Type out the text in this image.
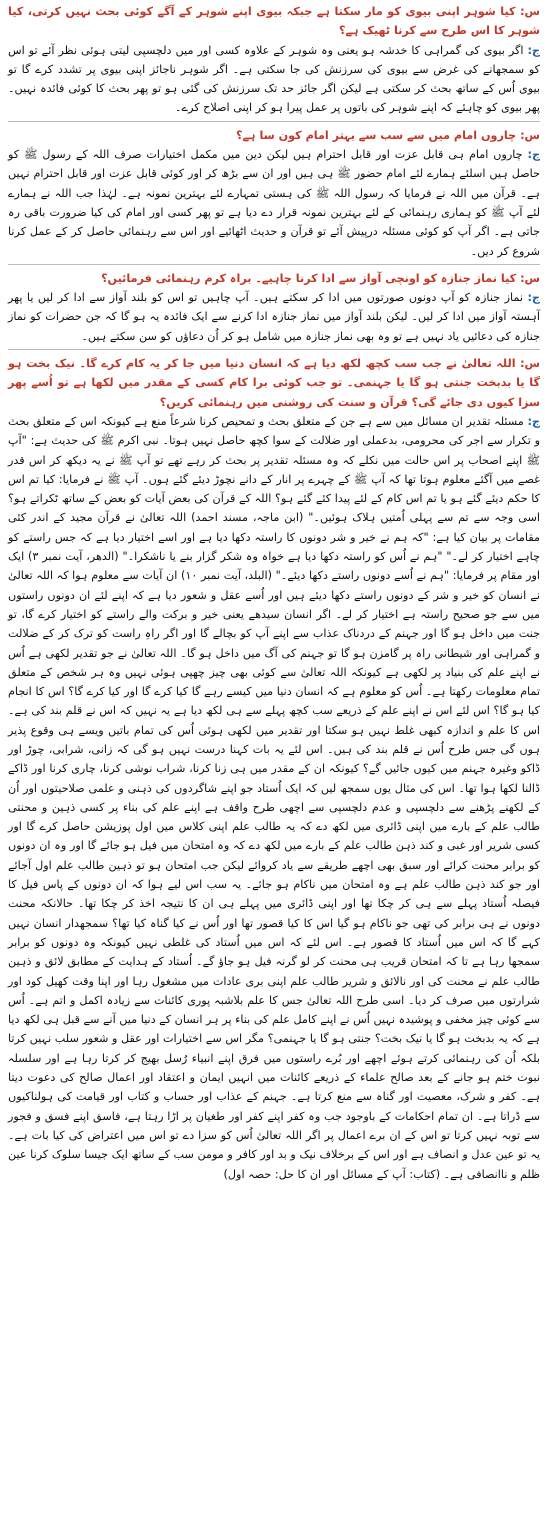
س: کیا شوہر اپنی بیوی کو مار سکتا ہے جبکہ بیوی اپنے شوہر کے آگے کوئی بحث نہیں کرتی، کیا شوہر کا اس طرح سے کرنا ٹھیک ہے؟

ج: اگر بیوی کی گمراہی کا خدشہ ہو یعنی وہ شوہر کے علاوہ کسی اور میں دلچسپی لیتی ہوئی نظر آئے تو اس کو سمجھانے کی غرض سے بیوی کی سرزنش کی جا سکتی ہے۔ اگر شوہر ناجائز اپنی بیوی پر تشدد کرے گا تو بیوی اُس کے ساتھ بحث کر سکتی ہے لیکن اگر جائز حد تک سرزنش کی گئی ہو تو پھر بحث کا کوئی فائدہ نہیں۔ پھر بیوی کو چاہئے کہ اپنے شوہر کی باتوں پر عمل پیرا ہو کر اپنی اصلاح کرے۔

س: چاروں امام میں سے سب سے بہتر امام کون سا ہے؟

ج: چاروں امام ہی قابل عزت اور قابل احترام ہیں لیکن دین میں مکمل اختیارات صرف اللہ کے رسول ﷺ کو حاصل ہیں اسلئے ہمارے لئے امام حضور ﷺ ہی ہیں اور ان سے بڑھ کر اور کوئی قابل عزت اور قابل احترام نہیں ہے۔ قرآن میں اللہ نے فرمایا کہ رسول اللہ ﷺ کی ہستی تمہارے لئے بہترین نمونہ ہے۔ لہٰذا جب اللہ نے ہمارے لئے آپ ﷺ کو ہماری رہنمائی کے لئے بہترین نمونہ قرار دے دیا ہے تو پھر کسی اور امام کی کیا ضرورت باقی رہ جاتی ہے۔ اگر آپ کو کوئی مسئلہ درپیش آئے تو قرآن و حدیث اٹھائیے اور اس سے رہنمائی حاصل کر کے عمل کرنا شروع کر دیں۔

س: کیا نماز جنازہ کو اونچی آواز سے ادا کرنا چاہیے۔ براہ کرم رہنمائی فرمائیں؟

ج: نماز جنازہ کو آپ دونوں صورتوں میں ادا کر سکتے ہیں۔ آپ چاہیں تو اس کو بلند آواز سے ادا کر لیں یا پھر آہستہ آواز میں ادا کر لیں۔ لیکن بلند آواز میں نماز جنازہ ادا کرنے سے ایک فائدہ یہ ہو گا کہ جن حضرات کو نماز جنازہ کی دعائیں یاد نہیں ہے تو وہ بھی نماز جنازہ میں شامل ہو کر اُن دعاؤں کو سن سکتے ہیں۔

س: اللہ تعالیٰ نے جب سب کچھ لکھ دیا ہے کہ انسان دنیا میں جا کر یہ کام کرے گا۔ نیک بخت ہو گا یا بدبخت جنتی ہو گا یا جہنمی۔ تو جب کوئی برا کام کسی کے مقدر میں لکھا ہے تو اُسے پھر سزا کیوں دی جائے گی؟ قرآن و سنت کی روشنی میں رہنمائی کریں؟

ج: مسئلہ تقدیر ان مسائل میں سے ہے جن کے متعلق بحث و تمحیص کرنا شرعاً منع ہے کیونکہ اس کے متعلق بحث و تکرار سے اجر کی محرومی، بدعملی اور ضلالت کے سوا کچھ حاصل نہیں ہوتا۔ نبی اکرم ﷺ کی حدیث ہے: "آپ ﷺ اپنے اصحاب پر اس حالت میں نکلے کہ وہ مسئلہ تقدیر پر بحث کر رہے تھے تو آپ ﷺ نے یہ دیکھ کر اس قدر غصے میں آگئے معلوم ہوتا تھا کہ آپ ﷺ کے چہرے پر انار کے دانے نچوڑ دیئے گئے ہوں۔ آپ ﷺ نے فرمایا: کیا تم اس کا حکم دیئے گئے ہو یا تم اس کام کے لئے پیدا کئے گئے ہو؟ اللہ کے قرآن کی بعض آیات کو بعض کے ساتھ ٹکراتے ہو؟ اسی وجہ سے تم سے پہلی اُمتیں ہلاک ہوئیں۔" (ابن ماجہ، مسند احمد) اللہ تعالیٰ نے قرآن مجید کے اندر کئی مقامات پر بیان کیا ہے: "کہ ہم نے خیر و شر دونوں کا راستہ دکھا دیا ہے اور اسے اختیار دیا ہے کہ جس راستے کو چاہے اختیار کر لے۔" "ہم نے اُس کو راستہ دکھا دیا ہے خواہ وہ شکر گزار بنے یا ناشکرا۔" (الدھر، آیت نمبر ۳) ایک اور مقام پر فرمایا: "ہم نے اُسے دونوں راستے دکھا دیئے۔" (البلد، آیت نمبر ۱۰) ان آیات سے معلوم ہوا کہ اللہ تعالیٰ نے انسان کو خیر و شر کے دونوں راستے دکھا دیئے ہیں اور اُسے عقل و شعور دیا ہے کہ اپنے لئے ان دونوں راستوں میں سے جو صحیح راستہ ہے اختیار کر لے۔ اگر انسان سیدھے یعنی خیر و برکت والے راستے کو اختیار کرے گا، تو جنت میں داخل ہو گا اور جہنم کے دردناک عذاب سے اپنے آپ کو بچالے گا اور اگر راہِ راست کو ترک کر کے ضلالت و گمراہی اور شیطانی راہ پر گامزن ہو گا تو جہنم کی آگ میں داخل ہو گا۔ اللہ تعالیٰ نے جو تقدیر لکھی ہے اُس نے اپنے علم کی بنیاد پر لکھی ہے کیونکہ اللہ تعالیٰ سے کوئی بھی چیز چھپی ہوئی نہیں وہ ہر شخص کے متعلق تمام معلومات رکھتا ہے۔ اُس کو معلوم ہے کہ انسان دنیا میں کیسے رہے گا کیا کرے گا اور کیا کرے گا؟ اس کا انجام کیا ہو گا؟ اس لئے اس نے اپنے علم کے ذریعے سب کچھ پہلے سے ہی لکھ دیا ہے یہ نہیں کہ اس نے قلم بند کی ہے۔ اس کا علم و اندازہ کبھی غلط نہیں ہو سکتا اور تقدیر میں لکھی ہوئی اُس کی تمام باتیں ویسے ہی وقوع پذیر ہوں گی جس طرح اُس نے قلم بند کی ہیں۔ اس لئے یہ بات کہنا درست نہیں ہو گی کہ زانی، شرابی، چوڑ اور ڈاکو وغیرہ جہنم میں کیوں جائیں گے؟ کیونکہ ان کے مقدر میں ہی زنا کرنا، شراب نوشی کرنا، چاری کرنا اور ڈاکے ڈالنا لکھا ہوا تھا۔ اس کی مثال یوں سمجھ لیں کہ ایک اُستاد جو اپنے شاگردوں کی ذہنی و علمی صلاحیتوں اور اُن کے لکھنے پڑھنے سے دلچسپی و عدم دلچسپی سے اچھی طرح واقف ہے اپنے علم کی بناء پر کسی ذہین و محنتی طالب علم کے بارے میں اپنی ڈائری میں لکھ دے کہ یہ طالب علم اپنی کلاس میں اول پوزیشن حاصل کرے گا اور کسی شریر اور غبی و کند ذہن طالب علم کے بارے میں لکھ دے کہ وہ امتحان میں فیل ہو جائے گا اور وہ ان دونوں کو برابر محنت کرائے اور سبق بھی اچھے طریقے سے یاد کروائے لیکن جب امتحان ہو تو ذہین طالب علم اول آجائے اور جو کند ذہن طالب علم ہے وہ امتحان میں ناکام ہو جائے۔ یہ سب اس لیے ہوا کہ ان دونوں کے پاس فیل کا فیصلہ اُستاد پہلے سے ہی کر چکا تھا اور اپنی ڈائری میں پہلے ہی ان کا نتیجہ اخذ کر چکا تھا۔ حالانکہ محنت دونوں نے ہی برابر کی تھی جو ناکام ہو گیا اس کا کیا قصور تھا اور اُس نے کیا گناہ کیا تھا؟ سمجھدار انسان نہیں کہے گا کہ اس میں اُستاد کا قصور ہے۔ اس لئے کہ اس میں اُستاد کی غلطی نہیں کیونکہ وہ دونوں کو برابر سمجھا رہا ہے تا کہ امتحان قریب ہی محنت کر لو گرنہ فیل ہو جاؤ گے۔ اُستاد کے ہدایت کے مطابق لائق و ذہین طالب علم نے محنت کی اور نالائق و شریر طالب علم اپنی بری عادات میں مشغول رہا اور اپنا وقت کھیل کود اور شرارتوں میں صرف کر دیا۔ اسی طرح اللہ تعالیٰ جس کا علم بلاشبہ پوری کائنات سے زیادہ اکمل و اتم ہے۔ اُس سے کوئی چیز مخفی و پوشیدہ نہیں اُس نے اپنے کامل علم کی بناء پر ہر انسان کے دنیا میں آنے سے قبل ہی لکھ دیا ہے کہ یہ بدبخت ہو گا یا نیک بخت؟ جنتی ہو گا یا جہنمی؟ مگر اس سے اختیارات اور عقل و شعور سلب نہیں کرتا بلکہ اُن کی رہنمائی کرتے ہوئے اچھے اور بُرے راستوں میں فرق اپنے انبیاء رُسل بھیج کر کرتا رہا ہے اور سلسلہ نبوت ختم ہو جانے کے بعد صالح علماء کے ذریعے کائنات میں انہیں ایمان و اعتقاد اور اعمال صالح کی دعوت دیتا ہے۔ کفر و شرک، معصیت اور گناہ سے منع کرتا ہے۔ جہنم کے عذاب اور حساب و کتاب اور قیامت کی ہولناکیوں سے ڈراتا ہے۔ ان تمام احکامات کے باوجود جب وہ کفر اپنے کفر اور طغیان پر اڑا رہتا ہے، فاسق اپنے فسق و فجور سے توبہ نہیں کرتا تو اس کے ان برے اعمال پر اگر اللہ تعالیٰ اُس کو سزا دے تو اس میں اعتراض کی کیا بات ہے۔ یہ تو عین عدل و انصاف ہے اور اس کے برخلاف نیک و بد اور کافر و مومن سب کے ساتھ ایک جیسا سلوک کرنا عین ظلم و ناانصافی ہے۔ (کتاب: آپ کے مسائل اور ان کا حل: حصہ اول)
